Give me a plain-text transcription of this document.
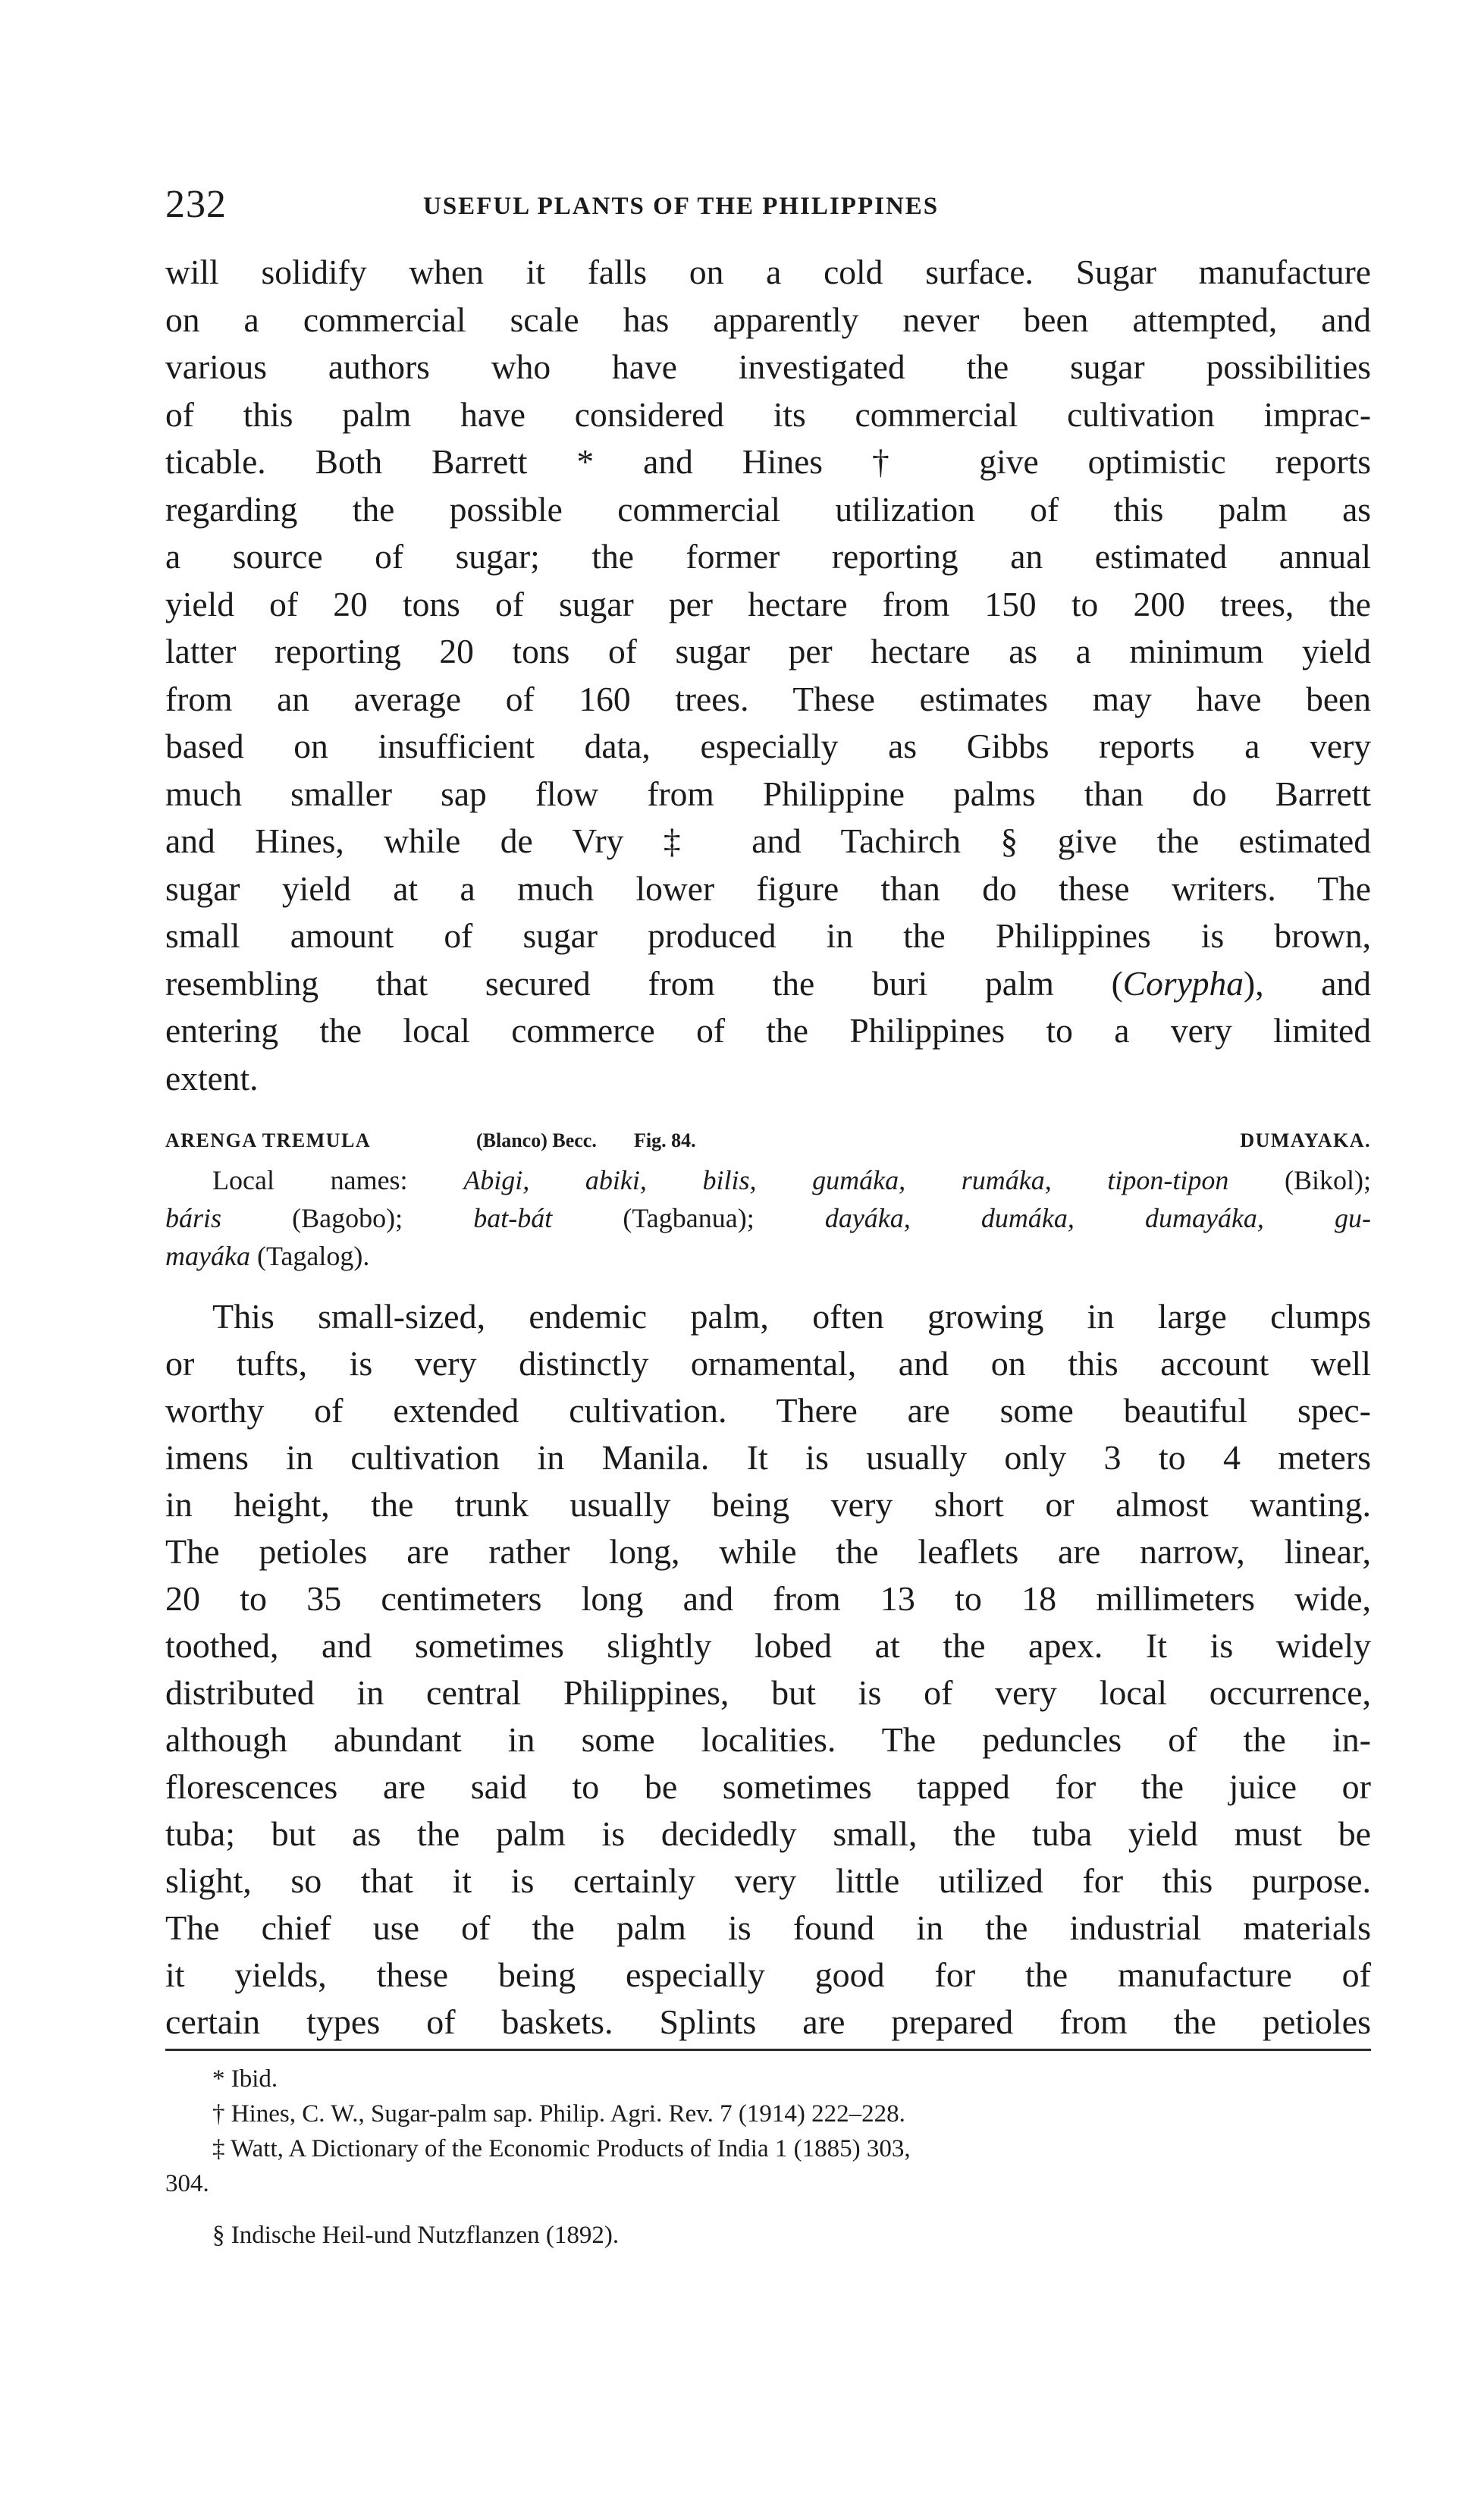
232	USEFUL PLANTS OF THE PHILIPPINES
will solidify when it falls on a cold surface. Sugar manufacture
on a commercial scale has apparently never been attempted, and
various authors who have investigated the sugar possibilities
of this palm have considered its commercial cultivation imprac-
ticable. Both Barrett * and Hines † give optimistic reports
regarding the possible commercial utilization of this palm as
a source of sugar; the former reporting an estimated annual
yield of 20 tons of sugar per hectare from 150 to 200 trees, the
latter reporting 20 tons of sugar per hectare as a minimum yield
from an average of 160 trees. These estimates may have been
based on insufficient data, especially as Gibbs reports a very
much smaller sap flow from Philippine palms than do Barrett
and Hines, while de Vry ‡ and Tachirch § give the estimated
sugar yield at a much lower figure than do these writers. The
small amount of sugar produced in the Philippines is brown,
resembling that secured from the buri palm (Corypha), and
entering the local commerce of the Philippines to a very limited
extent.
ARENGA TREMULA	(Blanco) Becc. Fig. 84.	DUMAYAKA.
Local names: Abigi, abiki, bilis, gumáka, rumáka, tipon-tipon (Bikol);
báris	(Bagobo);	bat-bát	(Tagbanua);	dayáka, dumáka, dumayáka, gu-
mayáka (Tagalog).
This small-sized, endemic palm, often growing in large clumps
or tufts, is very distinctly ornamental, and on this account well
worthy of extended cultivation. There are some beautiful spec-
imens in cultivation in Manila. It is usually only 3 to 4 meters
in height, the trunk usually being very short or almost wanting.
The petioles are rather long, while the leaflets are narrow, linear,
20 to 35 centimeters long and from 13 to 18 millimeters wide,
toothed, and sometimes slightly lobed at the apex. It is widely
distributed in central Philippines, but is of very local occurrence,
although abundant in some localities. The peduncles of the in-
florescences are said to be sometimes tapped for the juice or
tuba; but as the palm is decidedly small, the tuba yield must be
slight, so that it is certainly very little utilized for this purpose.
The chief use of the palm is found in the industrial materials
it yields, these being especially good for the manufacture of
certain types of baskets. Splints are prepared from the petioles
* Ibid.
† Hines, C. W., Sugar-palm sap. Philip. Agri. Rev. 7 (1914) 222–228.
‡ Watt, A Dictionary of the Economic Products of India 1 (1885) 303,
304.
§ Indische Heil-und Nutzflanzen (1892).
